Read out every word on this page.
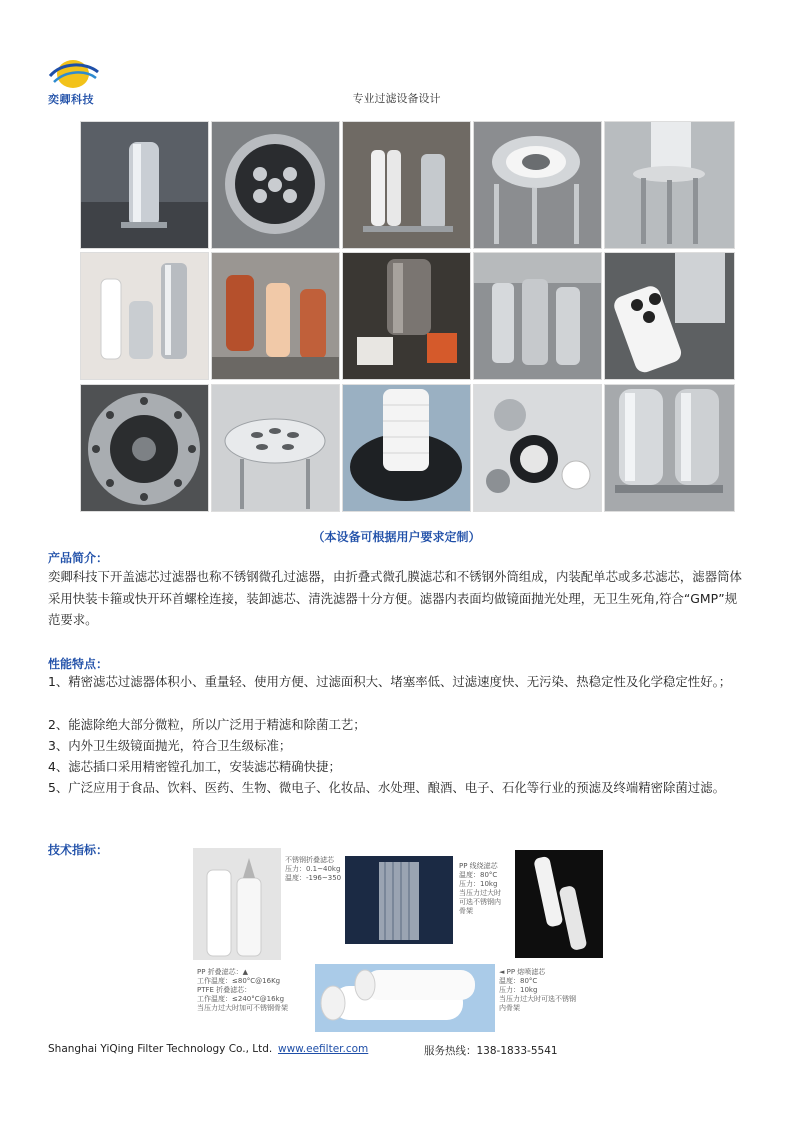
奕卿科技	专业过滤设备设计
（本设备可根据用户要求定制）
产品简介：
奕卿科技下开盖滤芯过滤器也称不锈钢微孔过滤器，由折叠式微孔膜滤芯和不锈钢外筒组成，内装配单芯或多芯滤芯，滤器筒体采用快装卡箍或快开环首螺栓连接，装卸滤芯、清洗滤器十分方便。滤器内表面均做镜面抛光处理，无卫生死角,符合“GMP”规范要求。
性能特点：
1、精密滤芯过滤器体积小、重量轻、使用方便、过滤面积大、堵塞率低、过滤速度快、无污染、热稳定性及化学稳定性好。；
2、能滤除绝大部分微粒，所以广泛用于精滤和除菌工艺；
3、内外卫生级镜面抛光，符合卫生级标准；
4、滤芯插口采用精密镗孔加工，安装滤芯精确快捷；
5、广泛应用于食品、饮料、医药、生物、微电子、化妆品、水处理、酿酒、电子、石化等行业的预滤及终端精密除菌过滤。
技术指标：
不锈钢折叠滤芯
压力：0.1~40kg
温度：-196~350
PP 线绕滤芯
温度：80°C
压力：10kg
当压力过大时
可选不锈钢内
骨架
PP 折叠滤芯：▲
工作温度：≤80°C@16Kg
PTFE 折叠滤芯：
工作温度：≤240°C@16kg
当压力过大时加可不锈钢骨架
◄ PP 熔喷滤芯
温度：80°C
压力：10kg
当压力过大时可选不锈钢
内骨架
Shanghai YiQing Filter Technology Co., Ltd. www.eefilter.com	服务热线：138-1833-5541
